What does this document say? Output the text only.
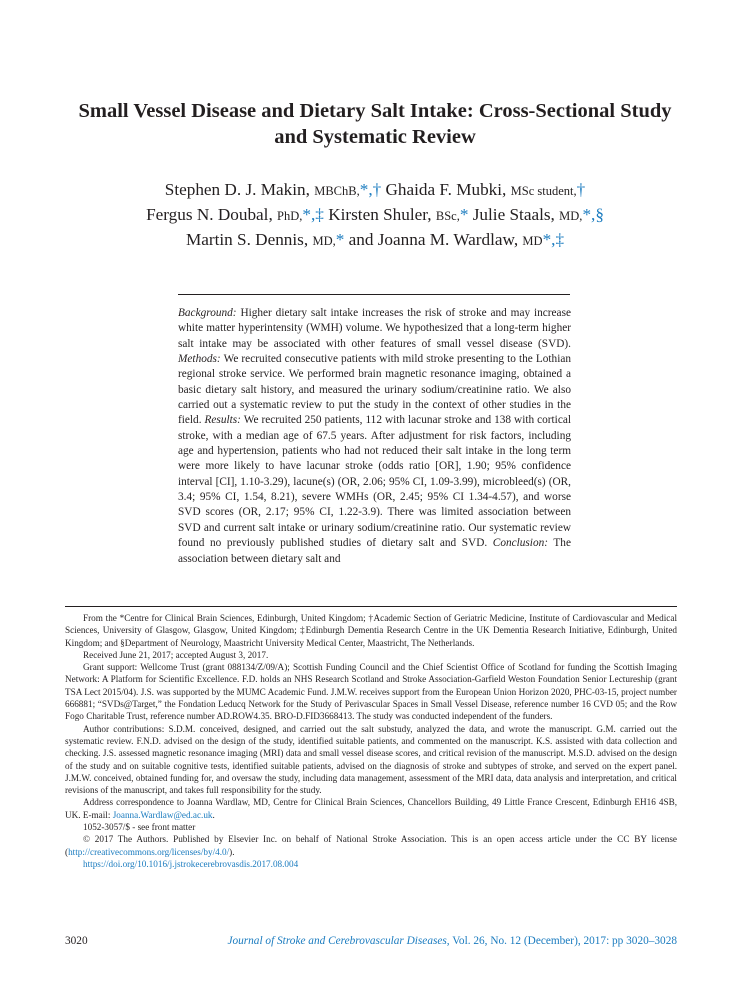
Small Vessel Disease and Dietary Salt Intake: Cross-Sectional Study and Systematic Review
Stephen D. J. Makin, MBChB,*,† Ghaida F. Mubki, MSc student,†
Fergus N. Doubal, PhD,*,‡ Kirsten Shuler, BSc,* Julie Staals, MD,*,§
Martin S. Dennis, MD,* and Joanna M. Wardlaw, MD*,‡

Background: Higher dietary salt intake increases the risk of stroke and may increase white matter hyperintensity (WMH) volume. We hypothesized that a long-term higher salt intake may be associated with other features of small vessel disease (SVD). Methods: We recruited consecutive patients with mild stroke presenting to the Lothian regional stroke service. We performed brain magnetic resonance imaging, obtained a basic dietary salt history, and measured the urinary sodium/creatinine ratio. We also carried out a systematic review to put the study in the context of other studies in the field. Results: We recruited 250 patients, 112 with lacunar stroke and 138 with cortical stroke, with a median age of 67.5 years. After adjustment for risk factors, including age and hypertension, patients who had not reduced their salt intake in the long term were more likely to have lacunar stroke (odds ratio [OR], 1.90; 95% confidence interval [CI], 1.10-3.29), lacune(s) (OR, 2.06; 95% CI, 1.09-3.99), microbleed(s) (OR, 3.4; 95% CI, 1.54, 8.21), severe WMHs (OR, 2.45; 95% CI 1.34-4.57), and worse SVD scores (OR, 2.17; 95% CI, 1.22-3.9). There was limited association between SVD and current salt intake or urinary sodium/creatinine ratio. Our systematic review found no previously published studies of dietary salt and SVD. Conclusion: The association between dietary salt and

From the *Centre for Clinical Brain Sciences, Edinburgh, United Kingdom; †Academic Section of Geriatric Medicine, Institute of Cardiovascular and Medical Sciences, University of Glasgow, Glasgow, United Kingdom; ‡Edinburgh Dementia Research Centre in the UK Dementia Research Initiative, Edinburgh, United Kingdom; and §Department of Neurology, Maastricht University Medical Center, Maastricht, The Netherlands.

Received June 21, 2017; accepted August 3, 2017.

Grant support: Wellcome Trust (grant 088134/Z/09/A); Scottish Funding Council and the Chief Scientist Office of Scotland for funding the Scottish Imaging Network: A Platform for Scientific Excellence. F.D. holds an NHS Research Scotland and Stroke Association-Garfield Weston Foundation Senior Lectureship (grant TSA Lect 2015/04). J.S. was supported by the MUMC Academic Fund. J.M.W. receives support from the European Union Horizon 2020, PHC-03-15, project number 666881; “SVDs@Target,” the Fondation Leducq Network for the Study of Perivascular Spaces in Small Vessel Disease, reference number 16 CVD 05; and the Row Fogo Charitable Trust, reference number AD.ROW4.35. BRO-D.FID3668413. The study was conducted independent of the funders.

Author contributions: S.D.M. conceived, designed, and carried out the salt substudy, analyzed the data, and wrote the manuscript. G.M. carried out the systematic review. F.N.D. advised on the design of the study, identified suitable patients, and commented on the manuscript. K.S. assisted with data collection and checking. J.S. assessed magnetic resonance imaging (MRI) data and small vessel disease scores, and critical revision of the manuscript. M.S.D. advised on the design of the study and on suitable cognitive tests, identified suitable patients, advised on the diagnosis of stroke and subtypes of stroke, and served on the expert panel. J.M.W. conceived, obtained funding for, and oversaw the study, including data management, assessment of the MRI data, data analysis and interpretation, and critical revisions of the manuscript, and takes full responsibility for the study.

Address correspondence to Joanna Wardlaw, MD, Centre for Clinical Brain Sciences, Chancellors Building, 49 Little France Crescent, Edinburgh EH16 4SB, UK. E-mail: Joanna.Wardlaw@ed.ac.uk.

1052-3057/$ - see front matter

© 2017 The Authors. Published by Elsevier Inc. on behalf of National Stroke Association. This is an open access article under the CC BY license (http://creativecommons.org/licenses/by/4.0/).

https://doi.org/10.1016/j.jstrokecerebrovasdis.2017.08.004

3020	Journal of Stroke and Cerebrovascular Diseases, Vol. 26, No. 12 (December), 2017: pp 3020–3028
